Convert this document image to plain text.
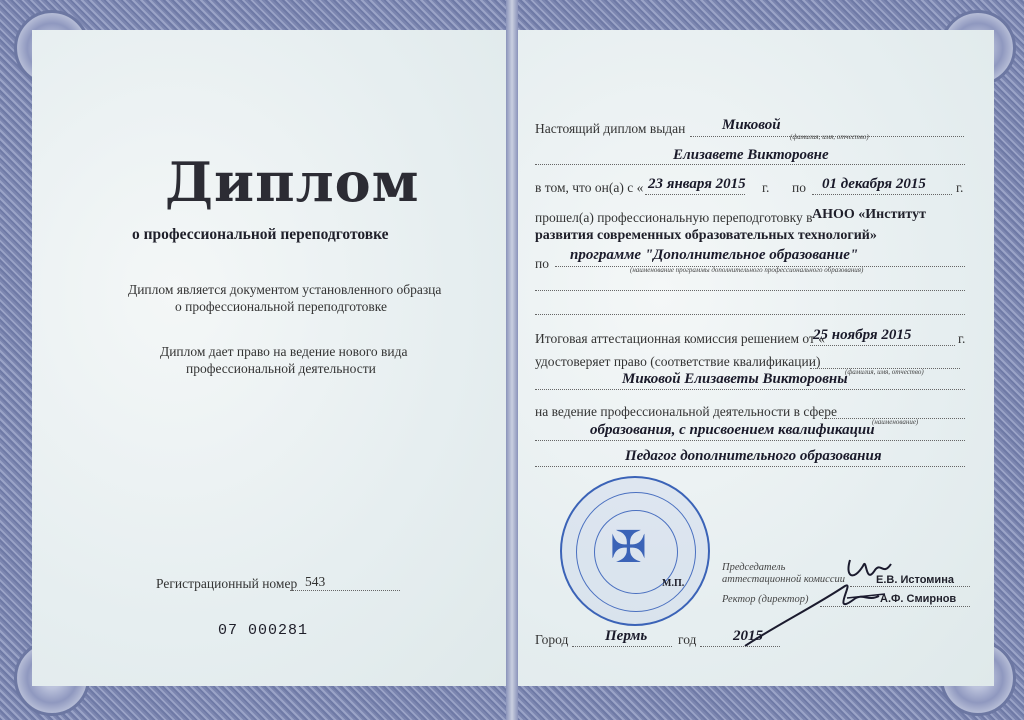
Диплом
о профессиональной переподготовке
Диплом является документом установленного образца
о профессиональной переподготовке
Диплом дает право на ведение нового вида
профессиональной деятельности
Регистрационный номер 543
07 000281
Настоящий диплом выдан Миковой
(фамилия, имя, отчество)
Елизавете Викторовне
в том, что он(а) с « 23 января 2015 г. по 01 декабря 2015 г.
прошел(а) профессиональную переподготовку в АНОО «Институт
развития современных образовательных технологий»
по
программе "Дополнительное образование"
(наименование программы дополнительного профессионального образования)
Итоговая аттестационная комиссия решением от «
25 ноября 2015	г.
удостоверяет право (соответствие квалификации)
(фамилия, имя, отчество)
Миковой Елизаветы Викторовны
на ведение профессиональной деятельности в сфере
(наименование)
образования, с присвоением квалификации
Педагог дополнительного образования
✠
М.П.
Председатель
аттестационной комиссии	Е.В. Истомина
Ректор (директор)	А.Ф. Смирнов
Город Пермь год 2015
